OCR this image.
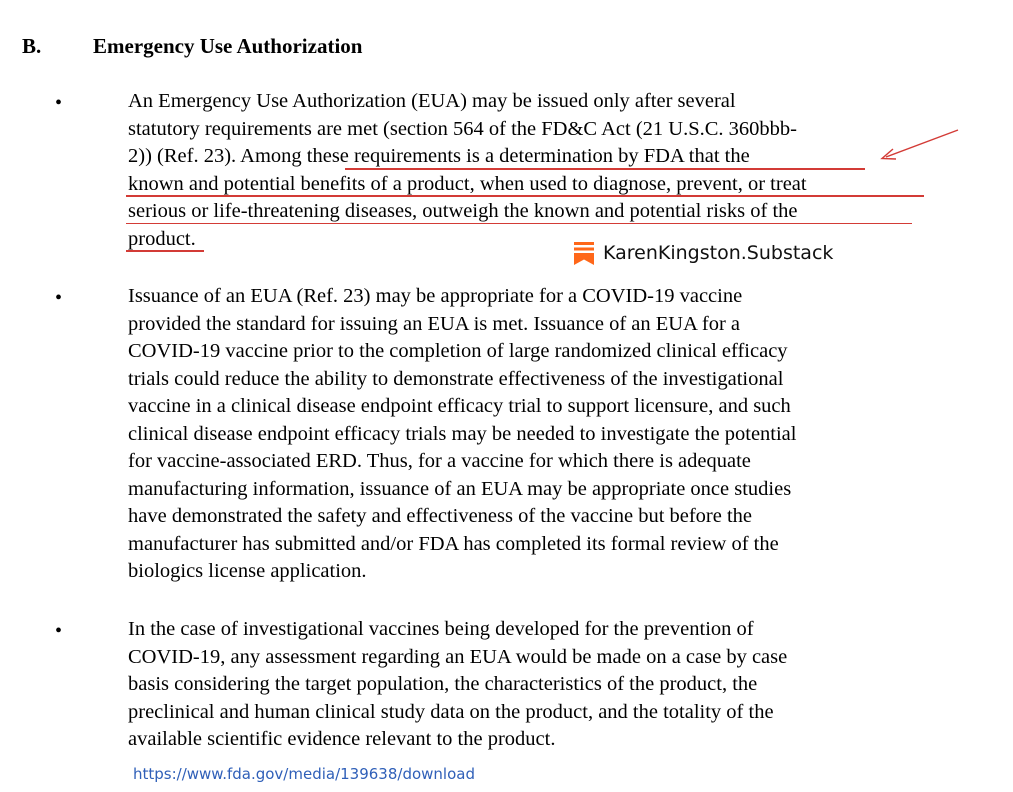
B. Emergency Use Authorization
•
An Emergency Use Authorization (EUA) may be issued only after several
statutory requirements are met (section 564 of the FD&C Act (21 U.S.C. 360bbb-
2)) (Ref. 23). Among these requirements is a determination by FDA that the
known and potential benefits of a product, when used to diagnose, prevent, or treat
serious or life-threatening diseases, outweigh the known and potential risks of the
product.
KarenKingston.Substack
•
Issuance of an EUA (Ref. 23) may be appropriate for a COVID-19 vaccine
provided the standard for issuing an EUA is met. Issuance of an EUA for a
COVID-19 vaccine prior to the completion of large randomized clinical efficacy
trials could reduce the ability to demonstrate effectiveness of the investigational
vaccine in a clinical disease endpoint efficacy trial to support licensure, and such
clinical disease endpoint efficacy trials may be needed to investigate the potential
for vaccine-associated ERD. Thus, for a vaccine for which there is adequate
manufacturing information, issuance of an EUA may be appropriate once studies
have demonstrated the safety and effectiveness of the vaccine but before the
manufacturer has submitted and/or FDA has completed its formal review of the
biologics license application.
•
In the case of investigational vaccines being developed for the prevention of
COVID-19, any assessment regarding an EUA would be made on a case by case
basis considering the target population, the characteristics of the product, the
preclinical and human clinical study data on the product, and the totality of the
available scientific evidence relevant to the product.
https://www.fda.gov/media/139638/download
